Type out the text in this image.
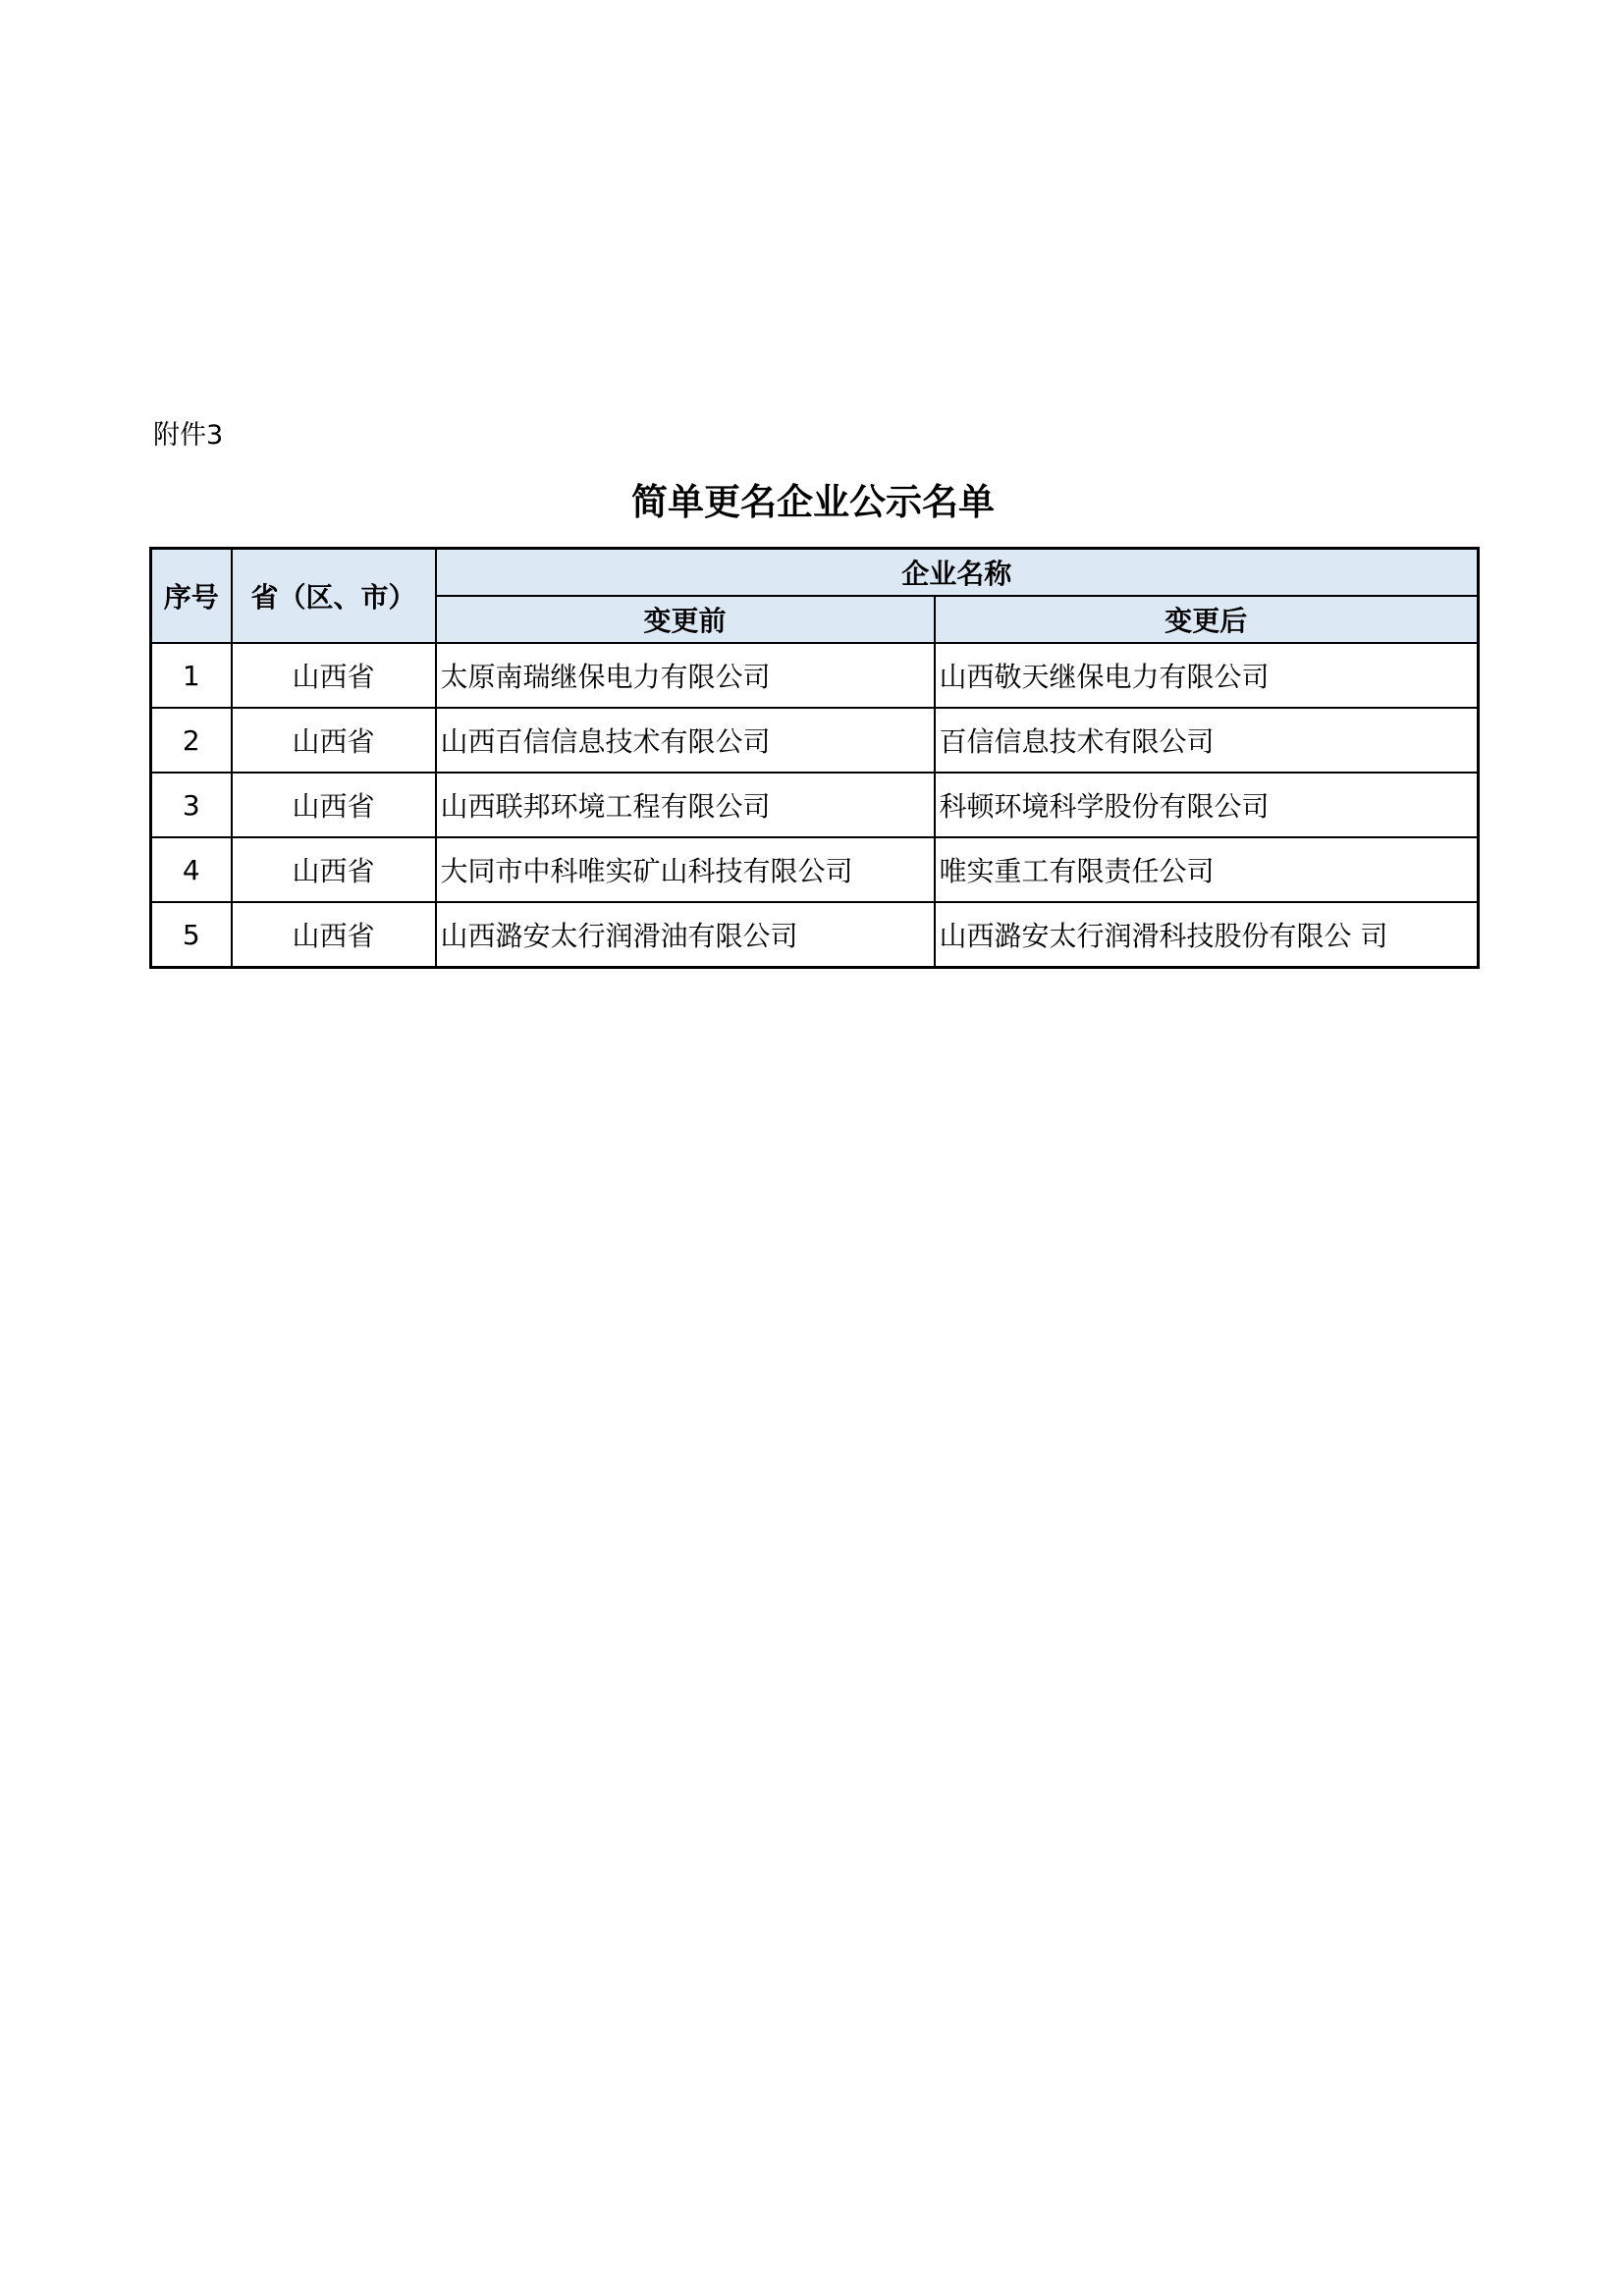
附件3
简单更名企业公示名单
序号	省（区、市）	企业名称	
		变更前	变更后
1	山西省	太原南瑞继保电力有限公司	山西敬天继保电力有限公司
2	山西省	山西百信信息技术有限公司	百信信息技术有限公司
3	山西省	山西联邦环境工程有限公司	科顿环境科学股份有限公司
4	山西省	大同市中科唯实矿山科技有限公司	唯实重工有限责任公司
5	山西省	山西潞安太行润滑油有限公司	山西潞安太行润滑科技股份有限公 司
